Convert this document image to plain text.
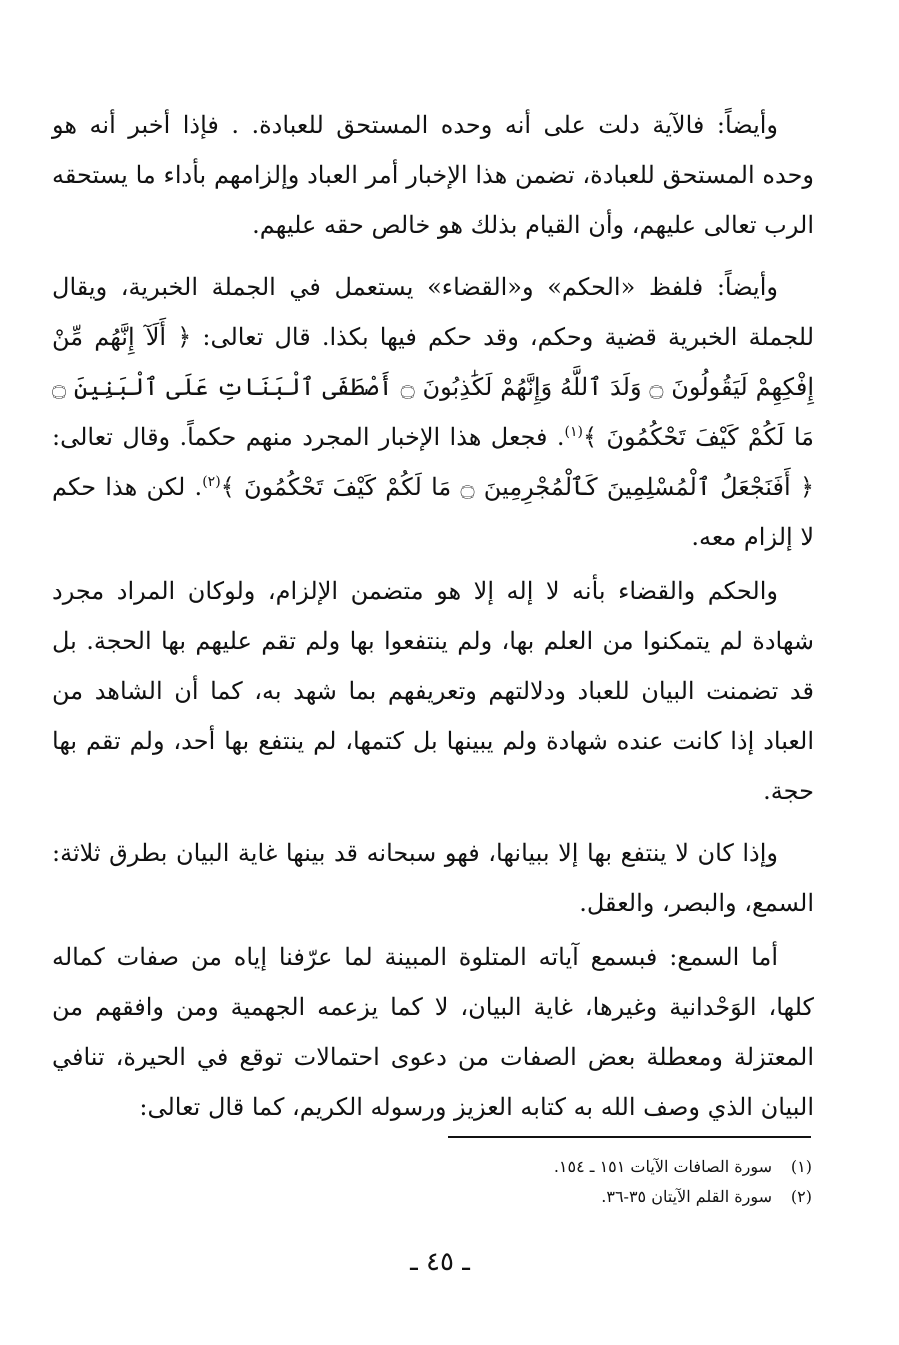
وأيضاً: فالآية دلت على أنه وحده المستحق للعبادة. . فإذا أخبر أنه هو وحده المستحق للعبادة، تضمن هذا الإخبار أمر العباد وإلزامهم بأداء ما يستحقه الرب تعالى عليهم، وأن القيام بذلك هو خالص حقه عليهم.

وأيضاً: فلفظ «الحكم» و«القضاء» يستعمل في الجملة الخبرية، ويقال للجملة الخبرية قضية وحكم، وقد حكم فيها بكذا. قال تعالى: ﴿ أَلَآ إِنَّهُم مِّنْ إِفْكِهِمْ لَيَقُولُونَ ۝ وَلَدَ ٱللَّهُ وَإِنَّهُمْ لَكَٰذِبُونَ ۝ أَصْطَفَى ٱلْبَنَاتِ عَلَى ٱلْبَنِينَ ۝ مَا لَكُمْ كَيْفَ تَحْكُمُونَ ﴾$^{(١)}$. فجعل هذا الإخبار المجرد منهم حكماً. وقال تعالى: ﴿ أَفَنَجْعَلُ ٱلْمُسْلِمِينَ كَٱلْمُجْرِمِينَ ۝ مَا لَكُمْ كَيْفَ تَحْكُمُونَ ﴾$^{(٢)}$. لكن هذا حكم لا إلزام معه.

والحكم والقضاء بأنه لا إله إلا هو متضمن الإلزام، ولوكان المراد مجرد شهادة لم يتمكنوا من العلم بها، ولم ينتفعوا بها ولم تقم عليهم بها الحجة. بل قد تضمنت البيان للعباد ودلالتهم وتعريفهم بما شهد به، كما أن الشاهد من العباد إذا كانت عنده شهادة ولم يبينها بل كتمها، لم ينتفع بها أحد، ولم تقم بها حجة.

وإذا كان لا ينتفع بها إلا ببيانها، فهو سبحانه قد بينها غاية البيان بطرق ثلاثة: السمع، والبصر، والعقل.

أما السمع: فبسمع آياته المتلوة المبينة لما عرّفنا إياه من صفات كماله كلها، الوَحْدانية وغيرها، غاية البيان، لا كما يزعمه الجهمية ومن وافقهم من المعتزلة ومعطلة بعض الصفات من دعوى احتمالات توقع في الحيرة، تنافي البيان الذي وصف الله به كتابه العزيز ورسوله الكريم، كما قال تعالى:

(١)سورة الصافات الآيات ١٥١ ـ ١٥٤.
(٢)سورة القلم الآيتان ٣٥-٣٦.
ـ ٤٥ ـ
